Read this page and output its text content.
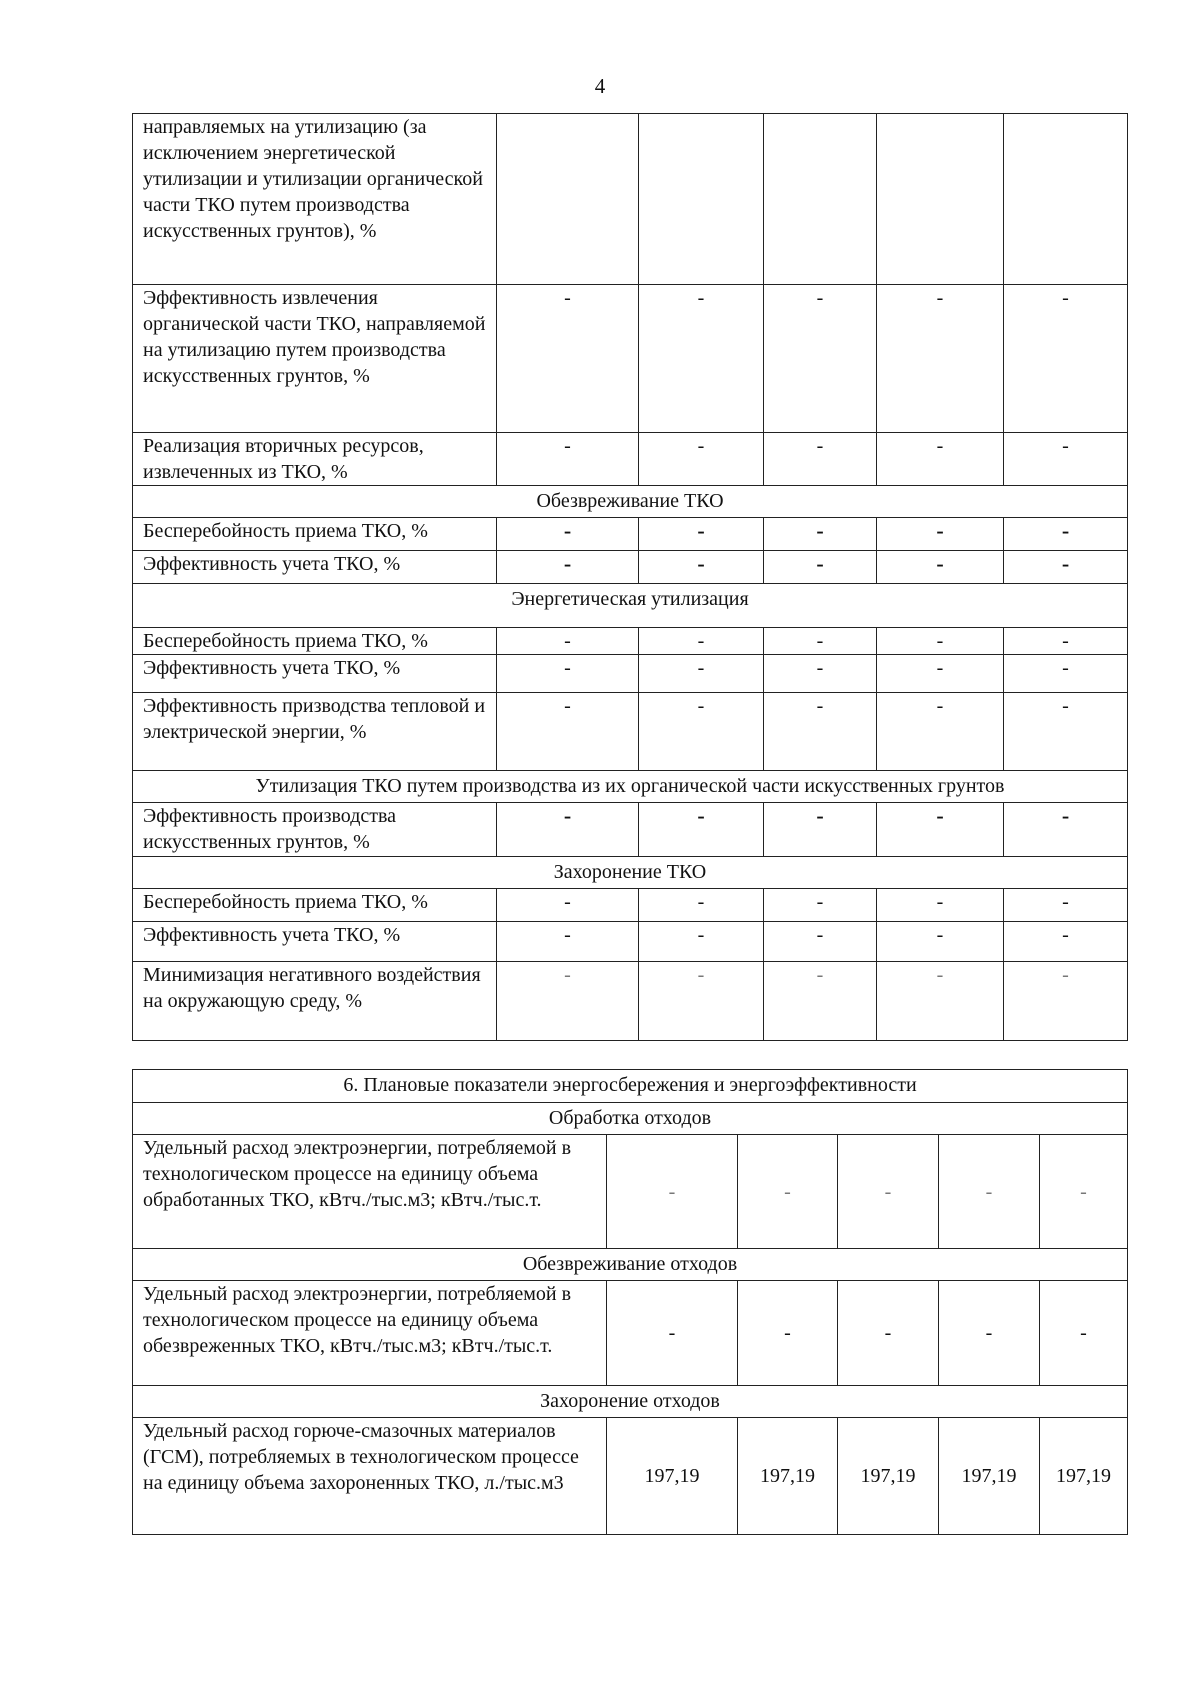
4
направляемых на утилизацию (за исключением энергетической утилизации и утилизации органической части ТКО путем производства искусственных грунтов), %					
Эффективность извлечения органической части ТКО, направляемой на утилизацию путем производства искусственных грунтов, %	-	-	-	-	-
Реализация вторичных ресурсов, извлеченных из ТКО, %	-	-	-	-	-
Обезвреживание ТКО					
Бесперебойность приема ТКО, %	-	-	-	-	-
Эффективность учета ТКО, %	-	-	-	-	-
Энергетическая утилизация					
Бесперебойность приема ТКО, %	-	-	-	-	-
Эффективность учета ТКО, %	-	-	-	-	-
Эффективность призводства тепловой и электрической энергии, %	-	-	-	-	-
Утилизация ТКО путем производства из их органической части искусственных грунтов					
Эффективность производства искусственных грунтов, %	-	-	-	-	-
Захоронение ТКО					
Бесперебойность приема ТКО, %	-	-	-	-	-
Эффективность учета ТКО, %	-	-	-	-	-
Минимизация негативного воздействия на окружающую среду, %	-	-	-	-	-
6. Плановые показатели энергосбережения и энергоэффективности					
Обработка отходов					
Удельный расход электроэнергии, потребляемой в технологическом процессе на единицу объема обработанных ТКО, кВтч./тыс.м3; кВтч./тыс.т.	-	-	-	-	-
Обезвреживание отходов					
Удельный расход электроэнергии, потребляемой в технологическом процессе на единицу объема обезвреженных ТКО, кВтч./тыс.м3; кВтч./тыс.т.	-	-	-	-	-
Захоронение отходов					
Удельный расход горюче-смазочных материалов (ГСМ), потребляемых в технологическом процессе на единицу объема захороненных ТКО, л./тыс.м3	197,19	197,19	197,19	197,19	197,19
